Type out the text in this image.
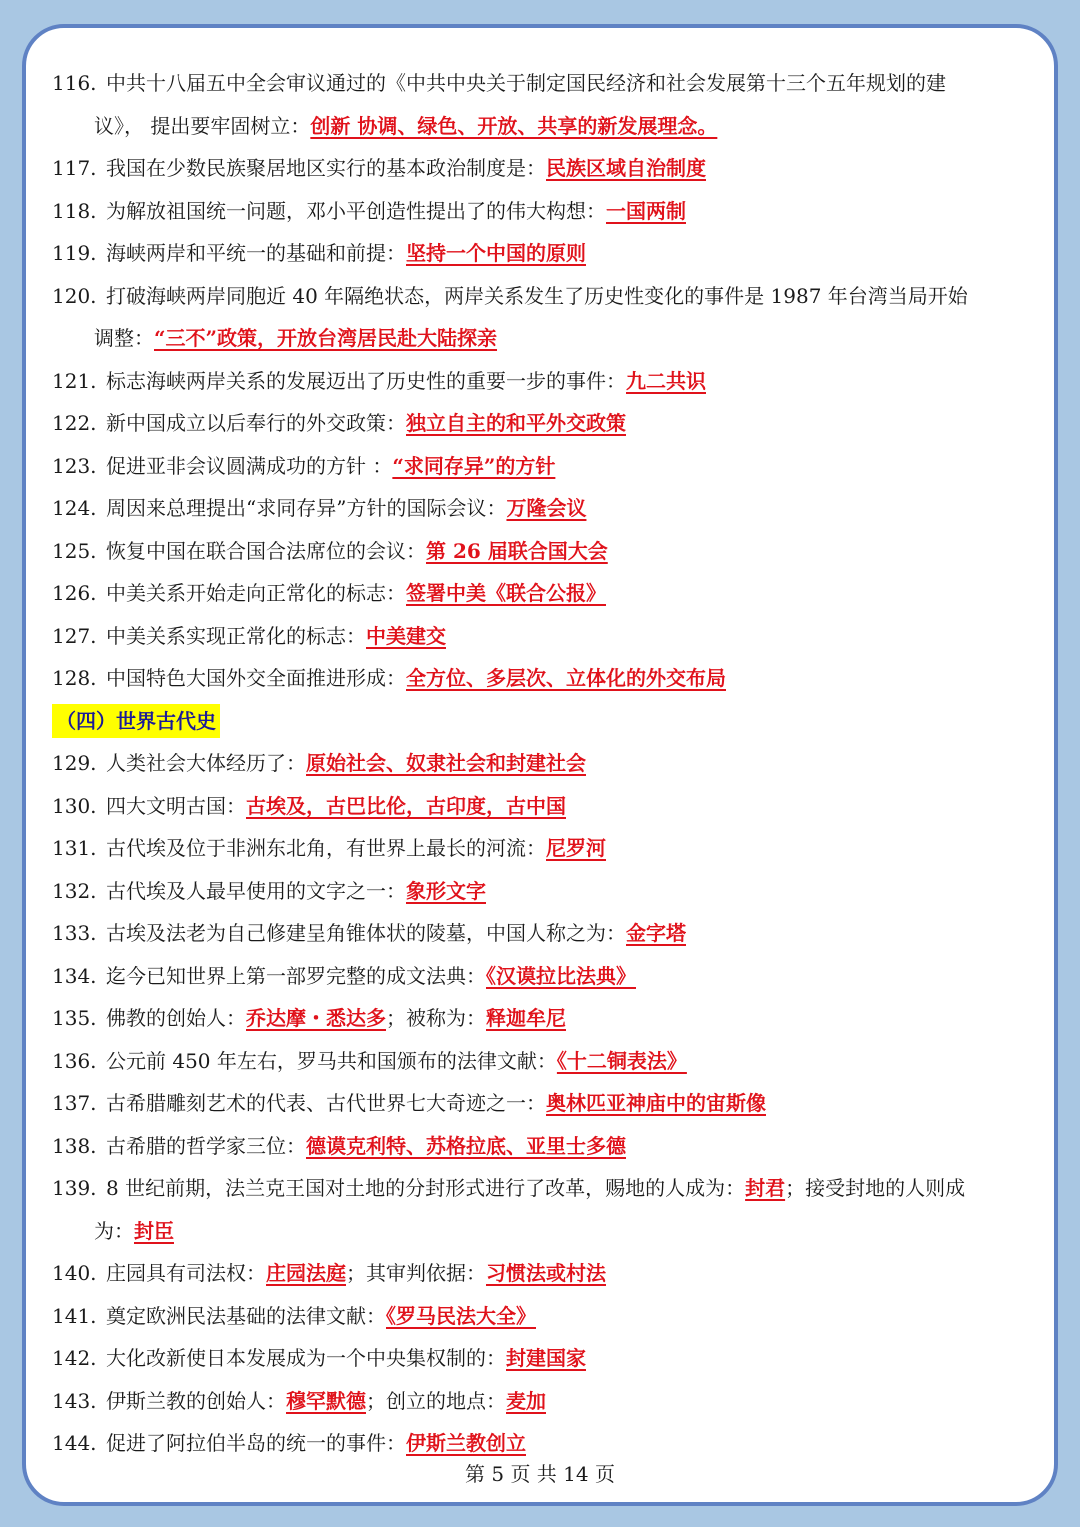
116. 中共十八届五中全会审议通过的《中共中央关于制定国民经济和社会发展第十三个五年规划的建
议》， 提出要牢固树立：创新 协调、绿色、开放、共享的新发展理念。
117. 我国在少数民族聚居地区实行的基本政治制度是：民族区域自治制度
118. 为解放祖国统一问题，邓小平创造性提出了的伟大构想：一国两制
119. 海峡两岸和平统一的基础和前提：坚持一个中国的原则
120. 打破海峡两岸同胞近 40 年隔绝状态，两岸关系发生了历史性变化的事件是 1987 年台湾当局开始
调整：“三不”政策，开放台湾居民赴大陆探亲
121. 标志海峡两岸关系的发展迈出了历史性的重要一步的事件：九二共识
122. 新中国成立以后奉行的外交政策：独立自主的和平外交政策
123. 促进亚非会议圆满成功的方针 ：“求同存异”的方针
124. 周因来总理提出“求同存异”方针的国际会议：万隆会议
125. 恢复中国在联合国合法席位的会议：第 26 届联合国大会
126. 中美关系开始走向正常化的标志：签署中美《联合公报》
127. 中美关系实现正常化的标志：中美建交
128. 中国特色大国外交全面推进形成：全方位、多层次、立体化的外交布局
（四）世界古代史
129. 人类社会大体经历了：原始社会、奴隶社会和封建社会
130. 四大文明古国：古埃及，古巴比伦，古印度，古中国
131. 古代埃及位于非洲东北角，有世界上最长的河流：尼罗河
132. 古代埃及人最早使用的文字之一：象形文字
133. 古埃及法老为自己修建呈角锥体状的陵墓，中国人称之为：金字塔
134. 迄今已知世界上第一部罗完整的成文法典：《汉谟拉比法典》
135. 佛教的创始人：乔达摩・悉达多；被称为：释迦牟尼
136. 公元前 450 年左右，罗马共和国颁布的法律文献：《十二铜表法》
137. 古希腊雕刻艺术的代表、古代世界七大奇迹之一：奥林匹亚神庙中的宙斯像
138. 古希腊的哲学家三位：德谟克利特、苏格拉底、亚里士多德
139. 8 世纪前期，法兰克王国对土地的分封形式进行了改革，赐地的人成为：封君；接受封地的人则成
为：封臣
140. 庄园具有司法权：庄园法庭；其审判依据：习惯法或村法
141. 奠定欧洲民法基础的法律文献：《罗马民法大全》
142. 大化改新使日本发展成为一个中央集权制的：封建国家
143. 伊斯兰教的创始人：穆罕默德；创立的地点：麦加
144. 促进了阿拉伯半岛的统一的事件：伊斯兰教创立
第 5 页 共 14 页
